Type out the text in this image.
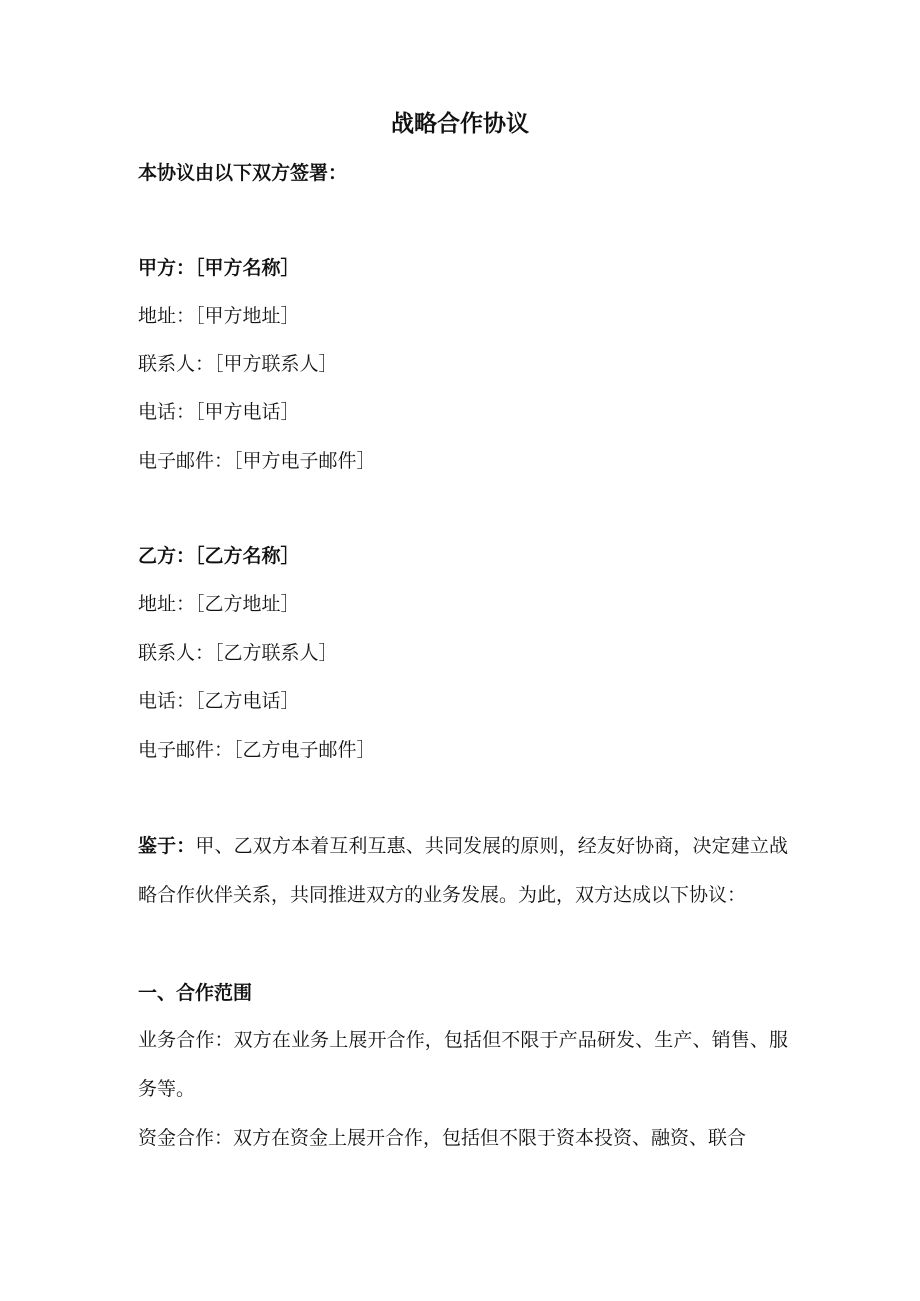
战略合作协议
本协议由以下双方签署：
甲方：［甲方名称］
地址：［甲方地址］
联系人：［甲方联系人］
电话：［甲方电话］
电子邮件：［甲方电子邮件］
乙方：［乙方名称］
地址：［乙方地址］
联系人：［乙方联系人］
电话：［乙方电话］
电子邮件：［乙方电子邮件］
鉴于：甲、乙双方本着互利互惠、共同发展的原则，经友好协商，决定建立战略合作伙伴关系，共同推进双方的业务发展。为此，双方达成以下协议：
一、合作范围
业务合作：双方在业务上展开合作，包括但不限于产品研发、生产、销售、服务等。
资金合作：双方在资金上展开合作，包括但不限于资本投资、融资、联合
